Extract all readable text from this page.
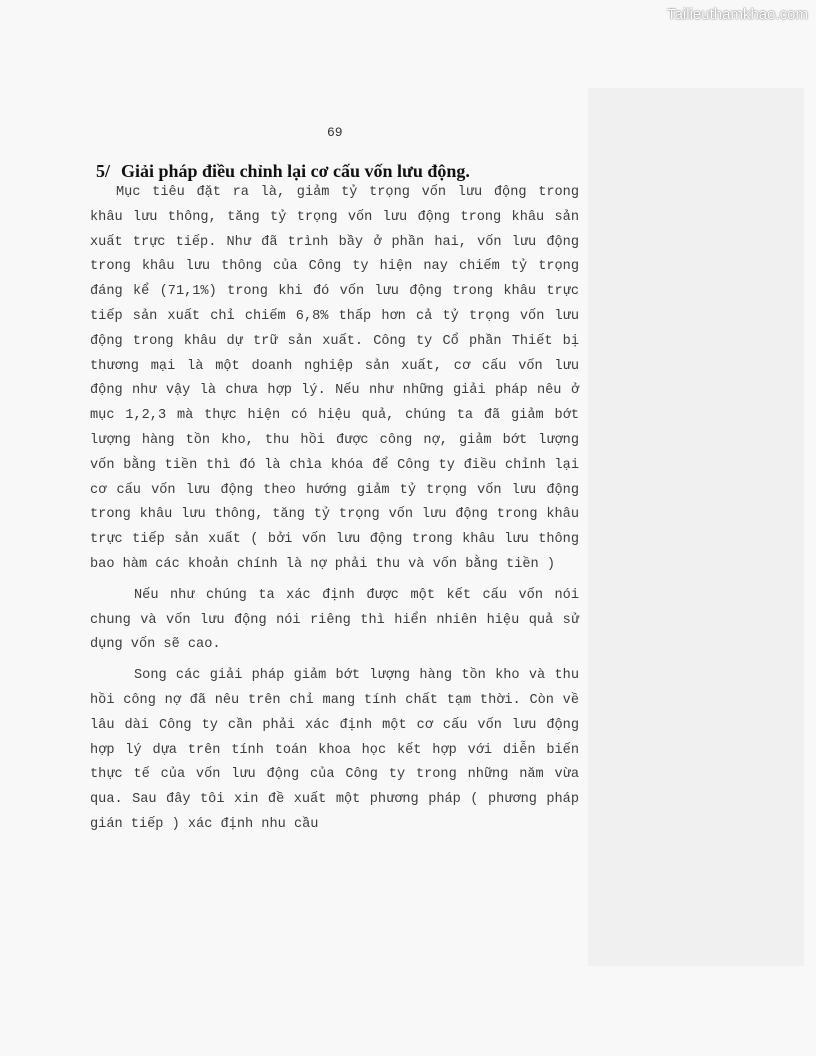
Tailieuthamkhao.com
69
5/ Giải pháp điều chỉnh lại cơ cấu vốn lưu động.

Mục tiêu đặt ra là, giảm tỷ trọng vốn lưu động trong khâu lưu thông, tăng tỷ trọng vốn lưu động trong khâu sản xuất trực tiếp. Như đã trình bầy ở phần hai, vốn lưu động trong khâu lưu thông của Công ty hiện nay chiếm tỷ trọng đáng kể (71,1%) trong khi đó vốn lưu động trong khâu trực tiếp sản xuất chỉ chiếm 6,8% thấp hơn cả tỷ trọng vốn lưu động trong khâu dự trữ sản xuất. Công ty Cổ phần Thiết bị thương mại là một doanh nghiệp sản xuất, cơ cấu vốn lưu động như vậy là chưa hợp lý. Nếu như những giải pháp nêu ở mục 1,2,3 mà thực hiện có hiệu quả, chúng ta đã giảm bớt lượng hàng tồn kho, thu hồi được công nợ, giảm bớt lượng vốn bằng tiền thì đó là chìa khóa để Công ty điều chỉnh lại cơ cấu vốn lưu động theo hướng giảm tỷ trọng vốn lưu động trong khâu lưu thông, tăng tỷ trọng vốn lưu động trong khâu trực tiếp sản xuất ( bởi vốn lưu động trong khâu lưu thông bao hàm các khoản chính là nợ phải thu và vốn bằng tiền )

Nếu như chúng ta xác định được một kết cấu vốn nói chung và vốn lưu động nói riêng thì hiển nhiên hiệu quả sử dụng vốn sẽ cao.

Song các giải pháp giảm bớt lượng hàng tồn kho và thu hồi công nợ đã nêu trên chỉ mang tính chất tạm thời. Còn về lâu dài Công ty cần phải xác định một cơ cấu vốn lưu động hợp lý dựa trên tính toán khoa học kết hợp với diễn biến thực tế của vốn lưu động của Công ty trong những năm vừa qua. Sau đây tôi xin đề xuất một phương pháp ( phương pháp gián tiếp ) xác định nhu cầu
